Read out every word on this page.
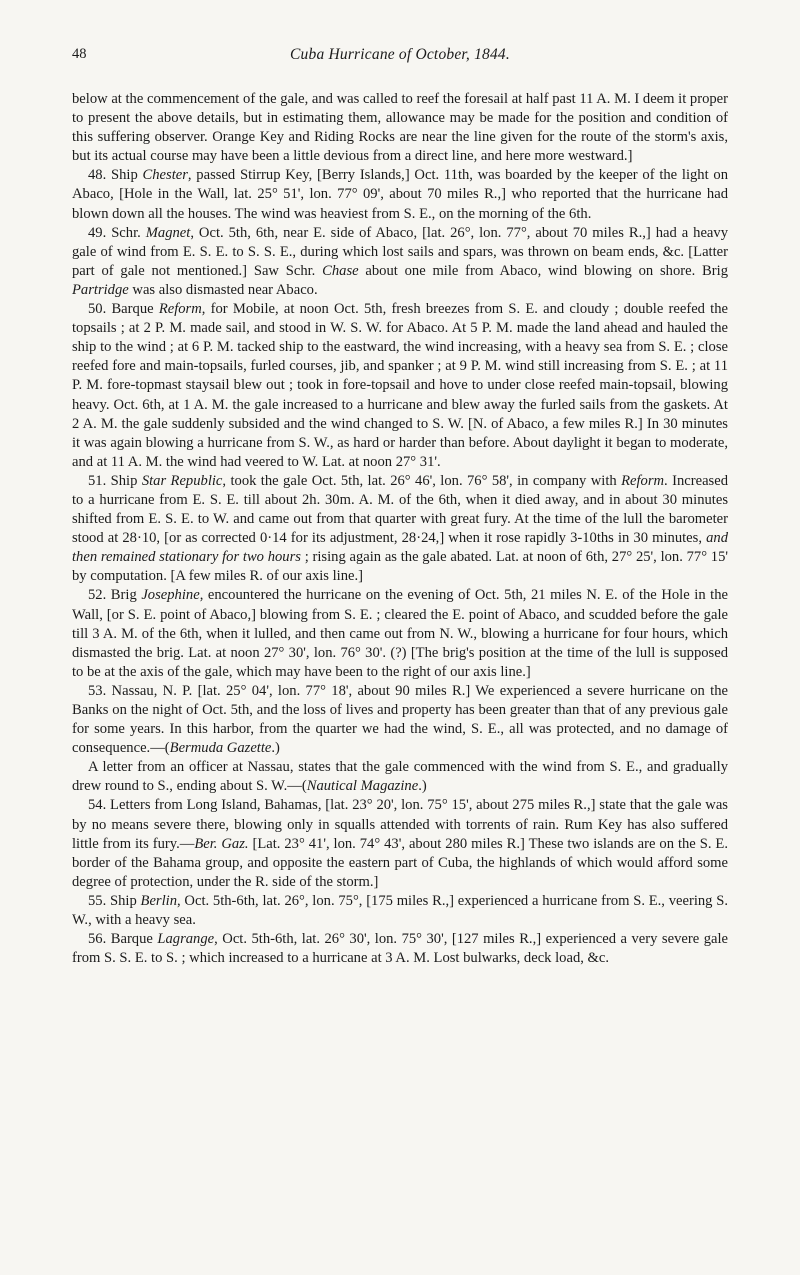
48	Cuba Hurricane of October, 1844.

below at the commencement of the gale, and was called to reef the foresail at half past 11 A. M. I deem it proper to present the above details, but in estimating them, allowance may be made for the position and condition of this suffering observer. Orange Key and Riding Rocks are near the line given for the route of the storm's axis, but its actual course may have been a little devious from a direct line, and here more westward.]

48. Ship Chester, passed Stirrup Key, [Berry Islands,] Oct. 11th, was boarded by the keeper of the light on Abaco, [Hole in the Wall, lat. 25° 51', lon. 77° 09', about 70 miles R.,] who reported that the hurricane had blown down all the houses. The wind was heaviest from S. E., on the morning of the 6th.

49. Schr. Magnet, Oct. 5th, 6th, near E. side of Abaco, [lat. 26°, lon. 77°, about 70 miles R.,] had a heavy gale of wind from E. S. E. to S. S. E., during which lost sails and spars, was thrown on beam ends, &c. [Latter part of gale not mentioned.] Saw Schr. Chase about one mile from Abaco, wind blowing on shore. Brig Partridge was also dismasted near Abaco.

50. Barque Reform, for Mobile, at noon Oct. 5th, fresh breezes from S. E. and cloudy ; double reefed the topsails ; at 2 P. M. made sail, and stood in W. S. W. for Abaco. At 5 P. M. made the land ahead and hauled the ship to the wind ; at 6 P. M. tacked ship to the eastward, the wind increasing, with a heavy sea from S. E. ; close reefed fore and main-topsails, furled courses, jib, and spanker ; at 9 P. M. wind still increasing from S. E. ; at 11 P. M. fore-topmast staysail blew out ; took in fore-topsail and hove to under close reefed main-topsail, blowing heavy. Oct. 6th, at 1 A. M. the gale increased to a hurricane and blew away the furled sails from the gaskets. At 2 A. M. the gale suddenly subsided and the wind changed to S. W. [N. of Abaco, a few miles R.] In 30 minutes it was again blowing a hurricane from S. W., as hard or harder than before. About daylight it began to moderate, and at 11 A. M. the wind had veered to W. Lat. at noon 27° 31'.

51. Ship Star Republic, took the gale Oct. 5th, lat. 26° 46', lon. 76° 58', in company with Reform. Increased to a hurricane from E. S. E. till about 2h. 30m. A. M. of the 6th, when it died away, and in about 30 minutes shifted from E. S. E. to W. and came out from that quarter with great fury. At the time of the lull the barometer stood at 28·10, [or as corrected 0·14 for its adjustment, 28·24,] when it rose rapidly 3-10ths in 30 minutes, and then remained stationary for two hours ; rising again as the gale abated. Lat. at noon of 6th, 27° 25', lon. 77° 15' by computation. [A few miles R. of our axis line.]

52. Brig Josephine, encountered the hurricane on the evening of Oct. 5th, 21 miles N. E. of the Hole in the Wall, [or S. E. point of Abaco,] blowing from S. E. ; cleared the E. point of Abaco, and scudded before the gale till 3 A. M. of the 6th, when it lulled, and then came out from N. W., blowing a hurricane for four hours, which dismasted the brig. Lat. at noon 27° 30', lon. 76° 30'. (?) [The brig's position at the time of the lull is supposed to be at the axis of the gale, which may have been to the right of our axis line.]

53. Nassau, N. P. [lat. 25° 04', lon. 77° 18', about 90 miles R.] We experienced a severe hurricane on the Banks on the night of Oct. 5th, and the loss of lives and property has been greater than that of any previous gale for some years. In this harbor, from the quarter we had the wind, S. E., all was protected, and no damage of consequence.—(Bermuda Gazette.)

A letter from an officer at Nassau, states that the gale commenced with the wind from S. E., and gradually drew round to S., ending about S. W.—(Nautical Magazine.)

54. Letters from Long Island, Bahamas, [lat. 23° 20', lon. 75° 15', about 275 miles R.,] state that the gale was by no means severe there, blowing only in squalls attended with torrents of rain. Rum Key has also suffered little from its fury.—Ber. Gaz. [Lat. 23° 41', lon. 74° 43', about 280 miles R.] These two islands are on the S. E. border of the Bahama group, and opposite the eastern part of Cuba, the highlands of which would afford some degree of protection, under the R. side of the storm.]

55. Ship Berlin, Oct. 5th-6th, lat. 26°, lon. 75°, [175 miles R.,] experienced a hurricane from S. E., veering S. W., with a heavy sea.

56. Barque Lagrange, Oct. 5th-6th, lat. 26° 30', lon. 75° 30', [127 miles R.,] experienced a very severe gale from S. S. E. to S. ; which increased to a hurricane at 3 A. M. Lost bulwarks, deck load, &c.
